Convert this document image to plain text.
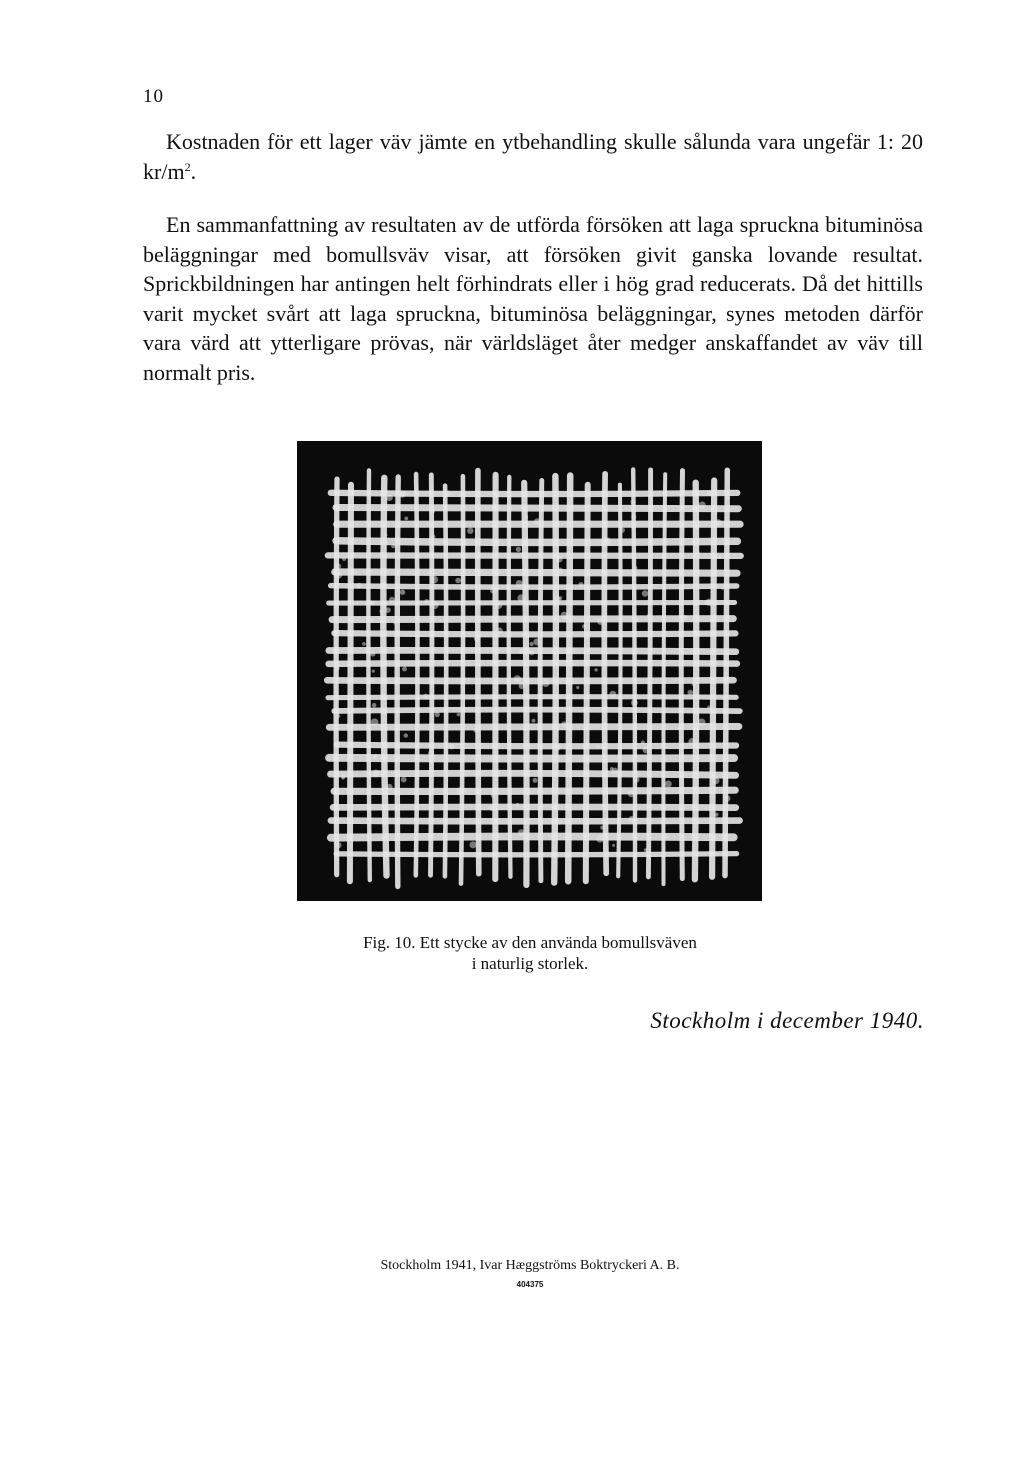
10

Kostnaden för ett lager väv jämte en ytbehandling skulle sålunda vara ungefär 1: 20 $kr/m^2$.

En sammanfattning av resultaten av de utförda försöken att laga spruckna bituminösa beläggningar med bomullsväv visar, att försöken givit ganska lovande resultat. Sprickbildningen har antingen helt förhindrats eller i hög grad reducerats. Då det hittills varit mycket svårt att laga spruckna, bituminösa beläggningar, synes metoden därför vara värd att ytterligare prövas, när världsläget åter medger anskaffandet av väv till normalt pris.

Fig. 10. Ett stycke av den använda bomullsväven
i naturlig storlek.
Stockholm i december 1940.
Stockholm 1941, Ivar Hæggströms Boktryckeri A. B.
404375
